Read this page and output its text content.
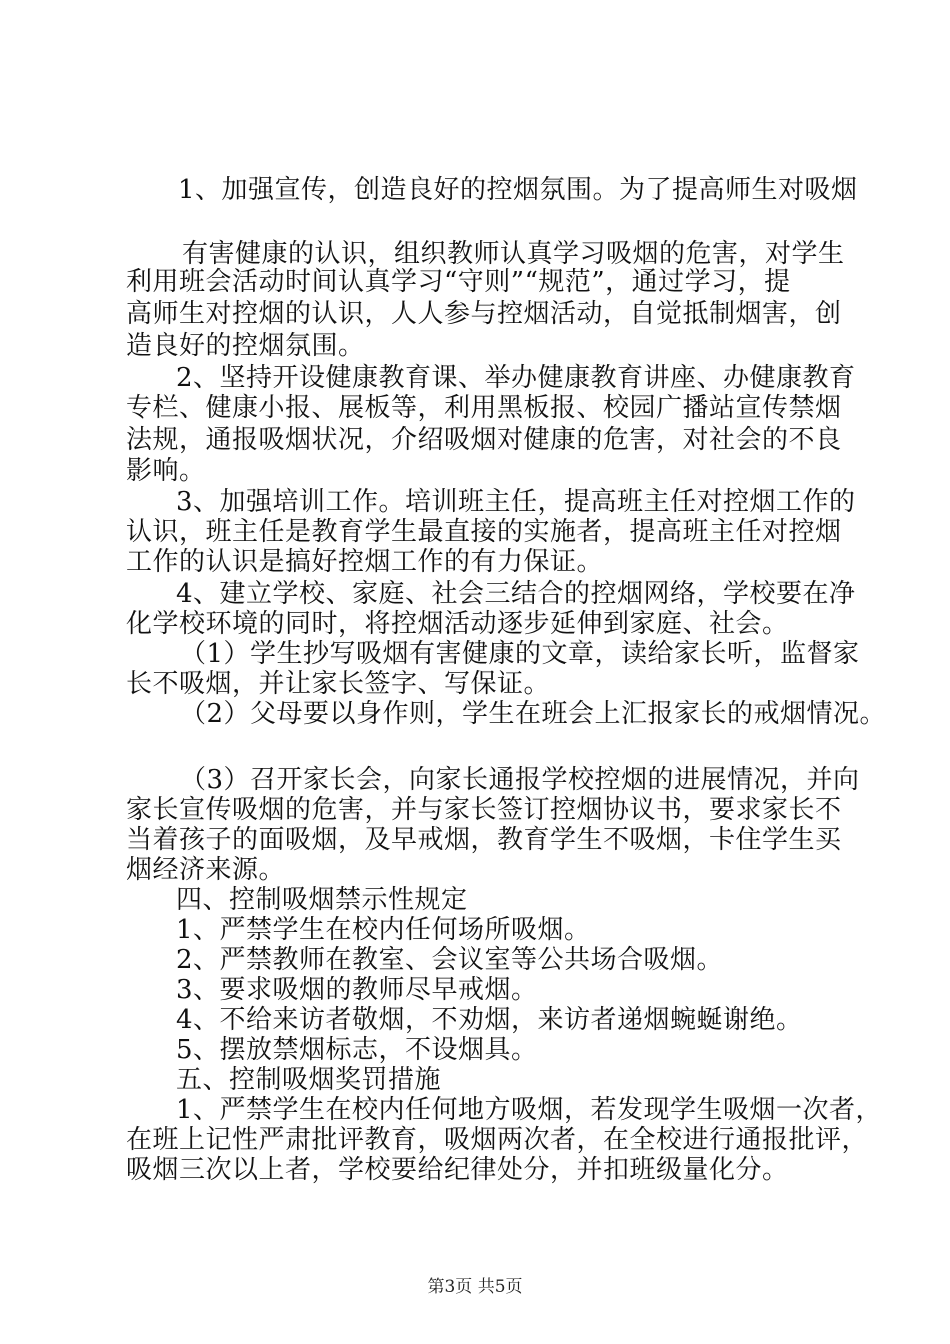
1、加强宣传，创造良好的控烟氛围。为了提高师生对吸烟
有害健康的认识，组织教师认真学习吸烟的危害，对学生
利用班会活动时间认真学习“守则”“规范”，通过学习，提
高师生对控烟的认识，人人参与控烟活动，自觉抵制烟害，创
造良好的控烟氛围。
2、坚持开设健康教育课、举办健康教育讲座、办健康教育
专栏、健康小报、展板等，利用黑板报、校园广播站宣传禁烟
法规，通报吸烟状况，介绍吸烟对健康的危害，对社会的不良
影响。
3、加强培训工作。培训班主任，提高班主任对控烟工作的
认识，班主任是教育学生最直接的实施者，提高班主任对控烟
工作的认识是搞好控烟工作的有力保证。
4、建立学校、家庭、社会三结合的控烟网络，学校要在净
化学校环境的同时，将控烟活动逐步延伸到家庭、社会。
（1）学生抄写吸烟有害健康的文章，读给家长听，监督家
长不吸烟，并让家长签字、写保证。
（2）父母要以身作则，学生在班会上汇报家长的戒烟情况。
（3）召开家长会，向家长通报学校控烟的进展情况，并向
家长宣传吸烟的危害，并与家长签订控烟协议书，要求家长不
当着孩子的面吸烟，及早戒烟，教育学生不吸烟，卡住学生买
烟经济来源。
四、控制吸烟禁示性规定
1、严禁学生在校内任何场所吸烟。
2、严禁教师在教室、会议室等公共场合吸烟。
3、要求吸烟的教师尽早戒烟。
4、不给来访者敬烟，不劝烟，来访者递烟蜿蜒谢绝。
5、摆放禁烟标志，不设烟具。
五、控制吸烟奖罚措施
1、严禁学生在校内任何地方吸烟，若发现学生吸烟一次者，
在班上记性严肃批评教育，吸烟两次者，在全校进行通报批评，
吸烟三次以上者，学校要给纪律处分，并扣班级量化分。
第3页 共5页
